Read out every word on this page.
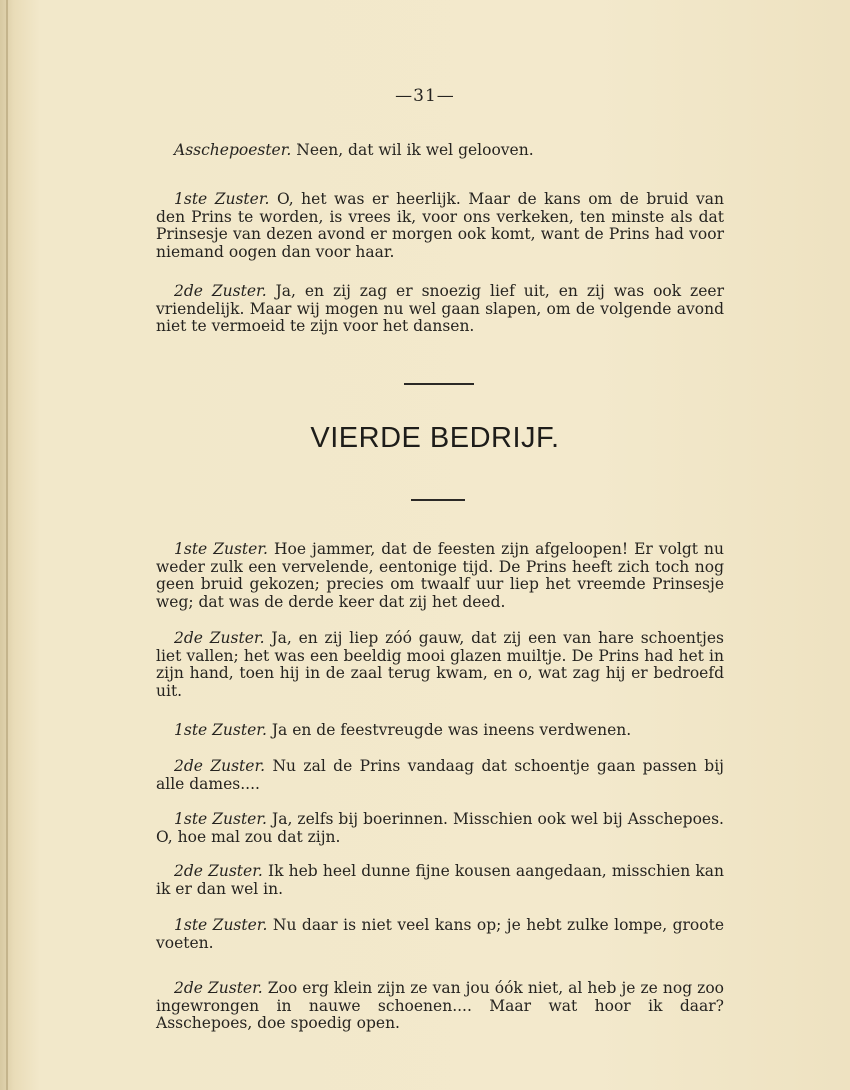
—31—
Asschepoester. Neen, dat wil ik wel gelooven.
1ste Zuster. O, het was er heerlijk. Maar de kans om de bruid van den Prins te worden, is vrees ik, voor ons verkeken, ten minste als dat Prinsesje van dezen avond er morgen ook komt, want de Prins had voor niemand oogen dan voor haar.
2de Zuster. Ja, en zij zag er snoezig lief uit, en zij was ook zeer vriendelijk. Maar wij mogen nu wel gaan slapen, om de volgende avond niet te vermoeid te zijn voor het dansen.
VIERDE BEDRIJF.
1ste Zuster. Hoe jammer, dat de feesten zijn afgeloopen! Er volgt nu weder zulk een vervelende, eentonige tijd. De Prins heeft zich toch nog geen bruid gekozen; precies om twaalf uur liep het vreemde Prinsesje weg; dat was de derde keer dat zij het deed.
2de Zuster. Ja, en zij liep zóó gauw, dat zij een van hare schoentjes liet vallen; het was een beeldig mooi glazen muiltje. De Prins had het in zijn hand, toen hij in de zaal terug kwam, en o, wat zag hij er bedroefd uit.
1ste Zuster. Ja en de feestvreugde was ineens verdwenen.
2de Zuster. Nu zal de Prins vandaag dat schoentje gaan passen bij alle dames....
1ste Zuster. Ja, zelfs bij boerinnen. Misschien ook wel bij Asschepoes. O, hoe mal zou dat zijn.
2de Zuster. Ik heb heel dunne fijne kousen aangedaan, misschien kan ik er dan wel in.
1ste Zuster. Nu daar is niet veel kans op; je hebt zulke lompe, groote voeten.
2de Zuster. Zoo erg klein zijn ze van jou óók niet, al heb je ze nog zoo ingewrongen in nauwe schoenen.... Maar wat hoor ik daar? Asschepoes, doe spoedig open.
